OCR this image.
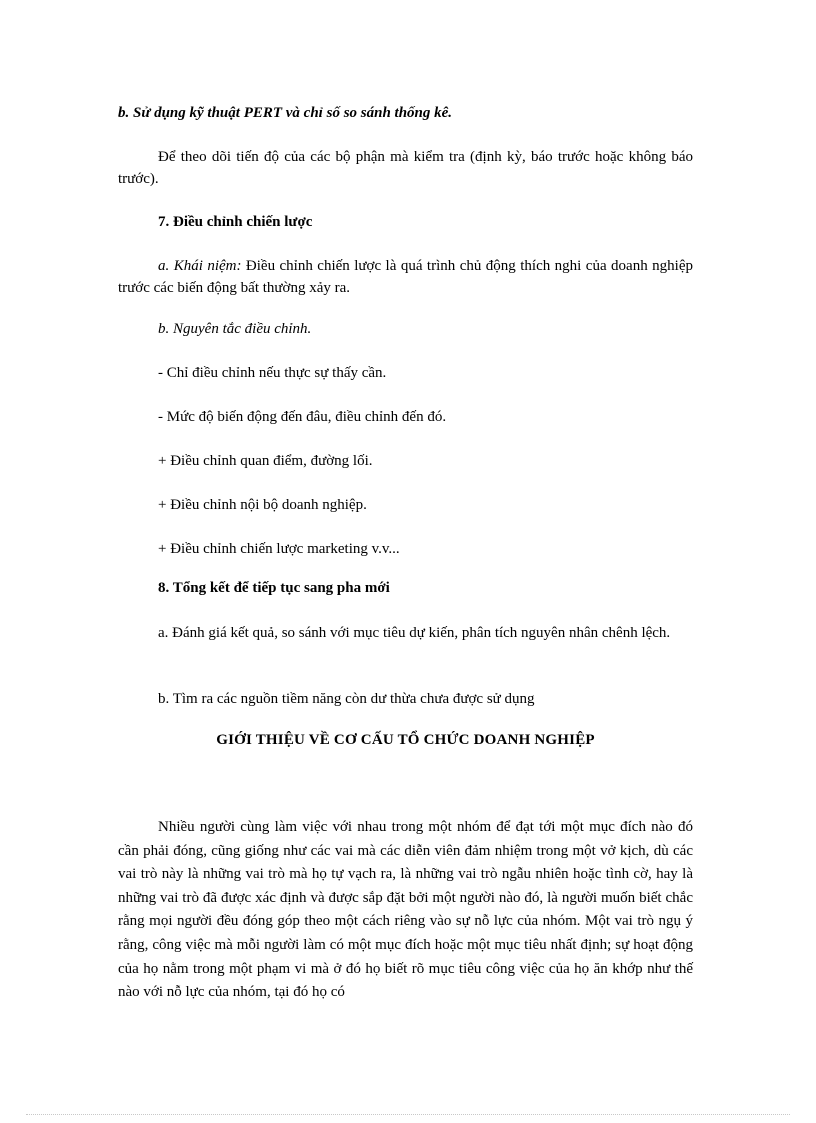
b. Sử dụng kỹ thuật PERT và chỉ số so sánh thống kê.

Để theo dõi tiến độ của các bộ phận mà kiểm tra (định kỳ, báo trước hoặc không báo trước).

7. Điều chỉnh chiến lược

a. Khái niệm: Điều chỉnh chiến lược là quá trình chủ động thích nghi của doanh nghiệp trước các biến động bất thường xảy ra.

b. Nguyên tắc điều chỉnh.

- Chỉ điều chỉnh nếu thực sự thấy cần.

- Mức độ biến động đến đâu, điều chỉnh đến đó.

+ Điều chỉnh quan điểm, đường lối.

+ Điều chỉnh nội bộ doanh nghiệp.

+ Điều chỉnh chiến lược marketing v.v...

8. Tổng kết để tiếp tục sang pha mới

a. Đánh giá kết quả, so sánh với mục tiêu dự kiến, phân tích nguyên nhân chênh lệch.

b. Tìm ra các nguồn tiềm năng còn dư thừa chưa được sử dụng

GIỚI THIỆU VỀ CƠ CẤU TỔ CHỨC DOANH NGHIỆP

Nhiều người cùng làm việc với nhau trong một nhóm để đạt tới một mục đích nào đó cần phải đóng, cũng giống như các vai mà các diễn viên đảm nhiệm trong một vở kịch, dù các vai trò này là những vai trò mà họ tự vạch ra, là những vai trò ngẫu nhiên hoặc tình cờ, hay là những vai trò đã được xác định và được sắp đặt bởi một người nào đó, là người muốn biết chắc rằng mọi người đều đóng góp theo một cách riêng vào sự nỗ lực của nhóm. Một vai trò ngụ ý rằng, công việc mà mỗi người làm có một mục đích hoặc một mục tiêu nhất định; sự hoạt động của họ nằm trong một phạm vi mà ở đó họ biết rõ mục tiêu công việc của họ ăn khớp như thế nào với nỗ lực của nhóm, tại đó họ có
